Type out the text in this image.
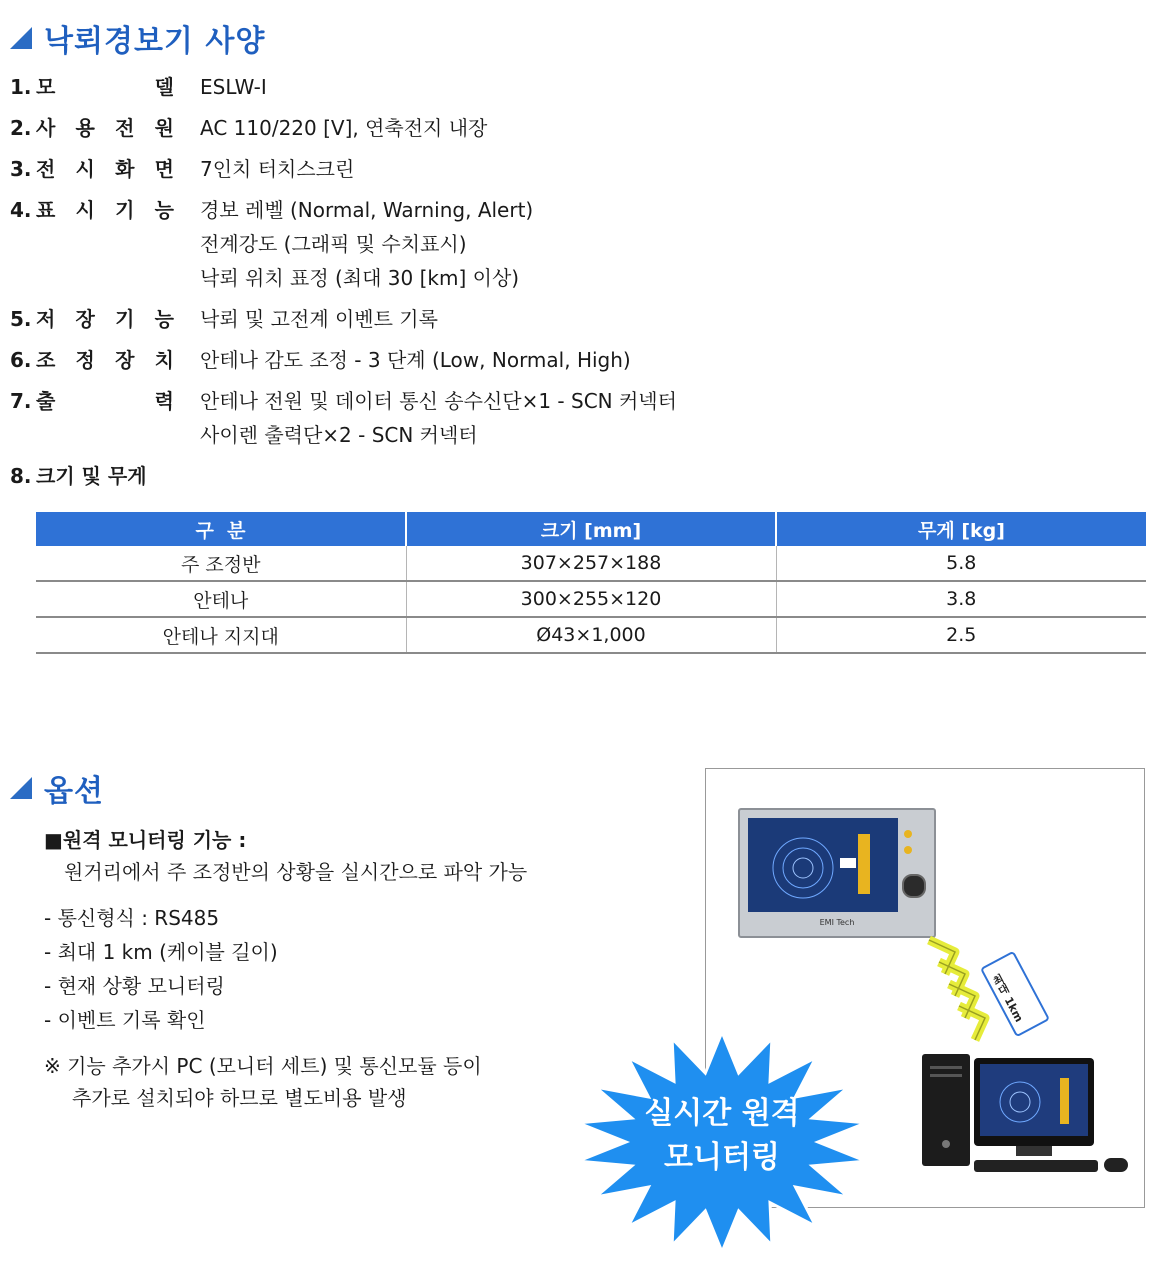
낙뢰경보기 사양
1. 모	델 ESLW-Ⅰ
2. 사 용 전 원 AC 110/220 [V], 연축전지 내장
3. 전 시 화 면 7인치 터치스크린
4. 표 시 기 능 경보 레벨 (Normal, Warning, Alert)
전계강도 (그래픽 및 수치표시)
낙뢰 위치 표정 (최대 30 [km] 이상)
5. 저 장 기 능 낙뢰 및 고전계 이벤트 기록
6. 조 정 장 치 안테나 감도 조정 - 3 단계 (Low, Normal, High)
7. 출	력 안테나 전원 및 데이터 통신 송수신단×1 - SCN 커넥터
사이렌 출력단×2 - SCN 커넥터
8. 크기 및 무게
구  분	크기 [mm]	무게 [kg]
주 조정반	307×257×188	5.8
안테나	300×255×120	3.8
안테나 지지대	Ø43×1,000	2.5
옵션
■원격 모니터링 기능 :
원거리에서 주 조정반의 상황을 실시간으로 파악 가능
- 통신형식 : RS485
- 최대 1 km (케이블 길이)
- 현재 상황 모니터링
- 이벤트 기록 확인
※ 기능 추가시 PC (모니터 세트) 및 통신모듈 등이
추가로 설치되야 하므로 별도비용 발생
EMI Tech
최대 1km
실시간 원격
모니터링
